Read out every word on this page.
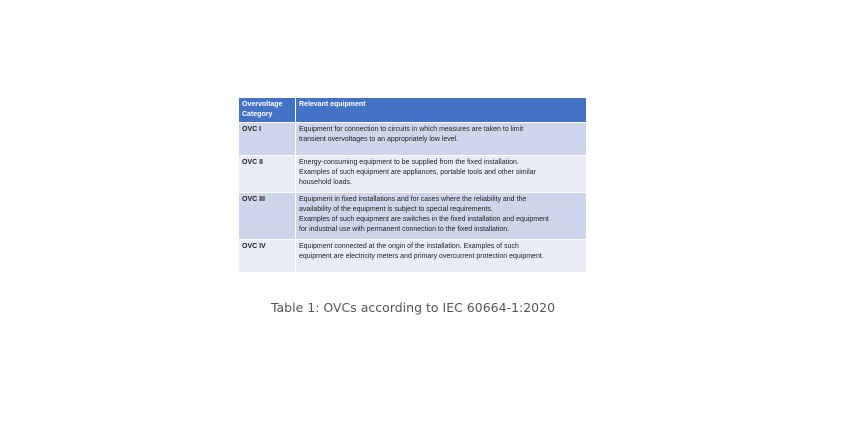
Overvoltage Category	Relevant equipment
OVC I	Equipment for connection to circuits in which measures are taken to limit
transient overvoltages to an appropriately low level.

OVC II	Energy-consuming equipment to be supplied from the fixed installation.
Examples of such equipment are appliances, portable tools and other similar
household loads.

OVC III	Equipment in fixed installations and for cases where the reliability and the
availability of the equipment is subject to special requirements.
Examples of such equipment are switches in the fixed installation and equipment
for industrial use with permanent connection to the fixed installation.

OVC IV	Equipment connected at the origin of the installation. Examples of such
equipment are electricity meters and primary overcurrent protection equipment.
Table 1: OVCs according to IEC 60664-1:2020
